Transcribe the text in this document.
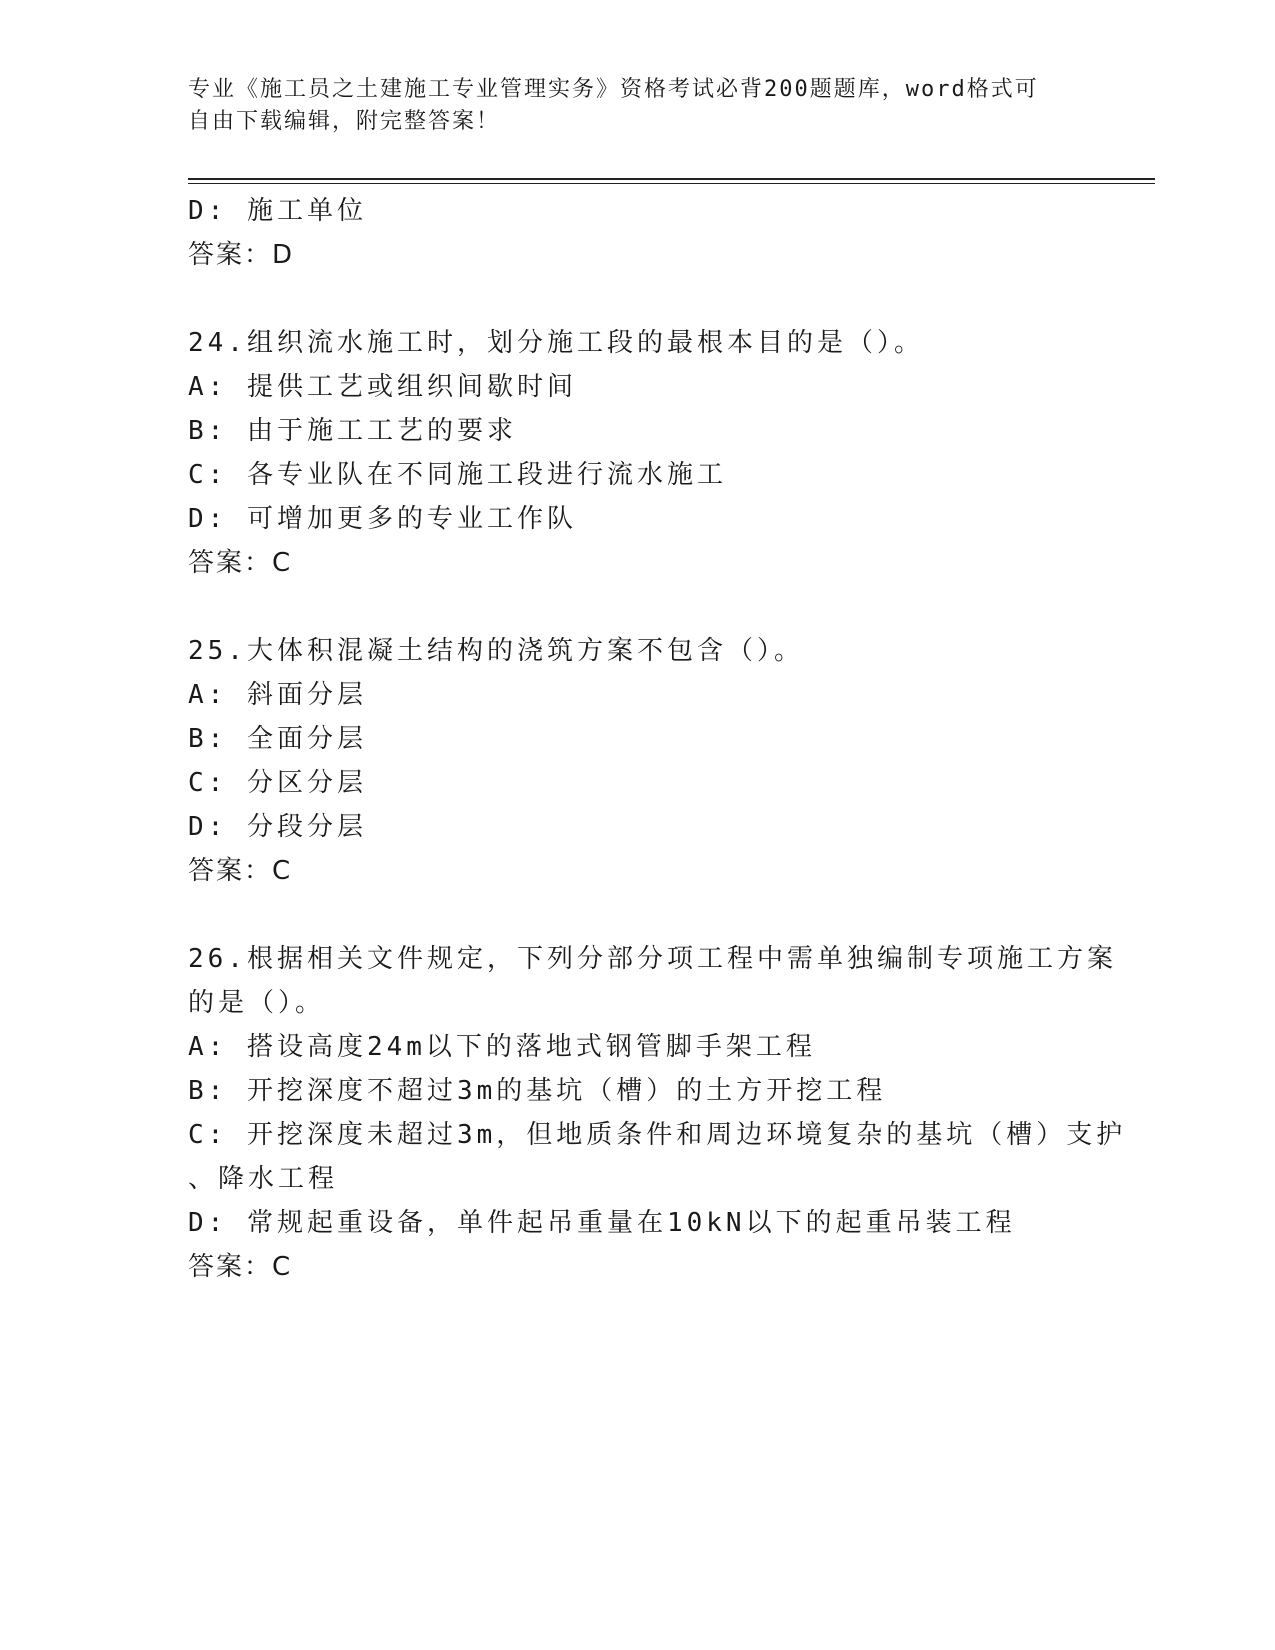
专业《施工员之土建施工专业管理实务》资格考试必背200题题库，word格式可
自由下载编辑，附完整答案！
D: 施工单位
答案：D
24.组织流水施工时，划分施工段的最根本目的是（）。
A: 提供工艺或组织间歇时间
B: 由于施工工艺的要求
C: 各专业队在不同施工段进行流水施工
D: 可增加更多的专业工作队
答案：C
25.大体积混凝土结构的浇筑方案不包含（）。
A: 斜面分层
B: 全面分层
C: 分区分层
D: 分段分层
答案：C
26.根据相关文件规定，下列分部分项工程中需单独编制专项施工方案
的是（）。
A: 搭设高度24m以下的落地式钢管脚手架工程
B: 开挖深度不超过3m的基坑（槽）的土方开挖工程
C: 开挖深度未超过3m，但地质条件和周边环境复杂的基坑（槽）支护
、降水工程
D: 常规起重设备，单件起吊重量在10kN以下的起重吊装工程
答案：C
